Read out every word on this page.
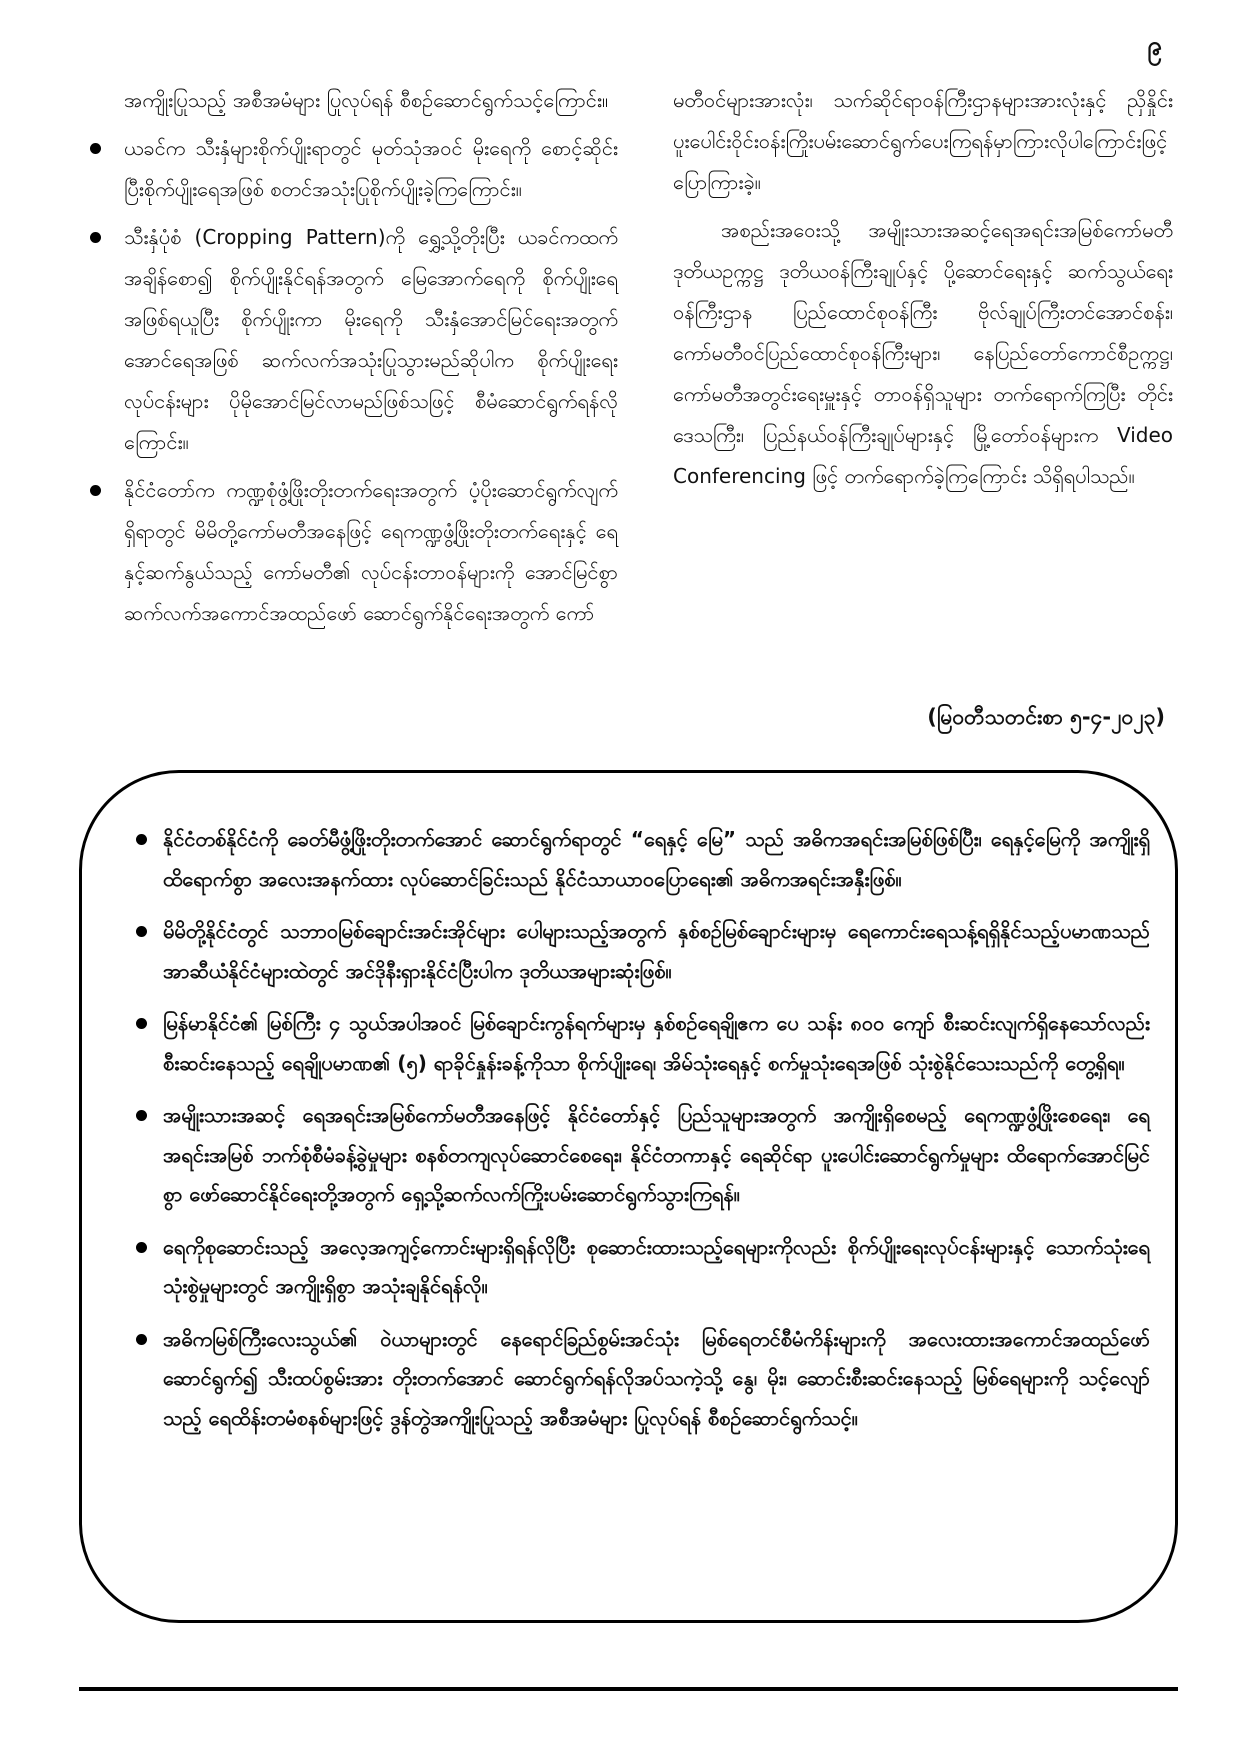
၉

အကျိုးပြုသည့် အစီအမံများ ပြုလုပ်ရန် စီစဉ်ဆောင်ရွက်သင့်ကြောင်း။

ယခင်က သီးနှံများစိုက်ပျိုးရာတွင် မုတ်သုံအဝင် မိုးရေကို စောင့်ဆိုင်းပြီးစိုက်ပျိုးရေအဖြစ် စတင်အသုံးပြုစိုက်ပျိုးခဲ့ကြကြောင်း။
သီးနှံပုံစံ (Cropping Pattern)ကို ရွှေ့သို့တိုးပြီး ယခင်ကထက် အချိန်စော၍ စိုက်ပျိုးနိုင်ရန်အတွက် မြေအောက်ရေကို စိုက်ပျိုးရေအဖြစ်ရယူပြီး စိုက်ပျိုးကာ မိုးရေကို သီးနှံအောင်မြင်ရေးအတွက် အောင်ရေအဖြစ် ဆက်လက်အသုံးပြုသွားမည်ဆိုပါက စိုက်ပျိုးရေးလုပ်ငန်းများ ပိုမိုအောင်မြင်လာမည်ဖြစ်သဖြင့် စီမံဆောင်ရွက်ရန်လိုကြောင်း။
နိုင်ငံတော်က ကဏ္ဍစုံဖွံ့ဖြိုးတိုးတက်ရေးအတွက် ပံ့ပိုးဆောင်ရွက်လျက်ရှိရာတွင် မိမိတို့ကော်မတီအနေဖြင့် ရေကဏ္ဍဖွံ့ဖြိုးတိုးတက်ရေးနှင့် ရေနှင့်ဆက်နွယ်သည့် ကော်မတီ၏ လုပ်ငန်းတာဝန်များကို အောင်မြင်စွာ ဆက်လက်အကောင်အထည်ဖော် ဆောင်ရွက်နိုင်ရေးအတွက် ကော်

မတီဝင်များအားလုံး၊ သက်ဆိုင်ရာဝန်ကြီးဌာနများအားလုံးနှင့် ညှိနှိုင်းပူးပေါင်းဝိုင်းဝန်းကြိုးပမ်းဆောင်ရွက်ပေးကြရန်မှာကြားလိုပါကြောင်းဖြင့် ပြောကြားခဲ့။

အစည်းအဝေးသို့ အမျိုးသားအဆင့်ရေအရင်းအမြစ်ကော်မတီ ဒုတိယဥက္ကဋ္ဌ ဒုတိယဝန်ကြီးချုပ်နှင့် ပို့ဆောင်ရေးနှင့် ဆက်သွယ်ရေးဝန်ကြီးဌာန ပြည်ထောင်စုဝန်ကြီး ဗိုလ်ချုပ်ကြီးတင်အောင်စန်း၊ ကော်မတီဝင်ပြည်ထောင်စုဝန်ကြီးများ၊ နေပြည်တော်ကောင်စီဥက္ကဋ္ဌ၊ ကော်မတီအတွင်းရေးမှူးနှင့် တာဝန်ရှိသူများ တက်ရောက်ကြပြီး တိုင်းဒေသကြီး၊ ပြည်နယ်ဝန်ကြီးချုပ်များနှင့် မြို့တော်ဝန်များက Video Conferencing ဖြင့် တက်ရောက်ခဲ့ကြကြောင်း သိရှိရပါသည်။

(မြဝတီသတင်းစာ ၅-၄-၂၀၂၃)
နိုင်ငံတစ်နိုင်ငံကို ခေတ်မီဖွံ့ဖြိုးတိုးတက်အောင် ဆောင်ရွက်ရာတွင် “ရေနှင့် မြေ” သည် အဓိကအရင်းအမြစ်ဖြစ်ပြီး၊ ရေနှင့်မြေကို အကျိုးရှိ ထိရောက်စွာ အလေးအနက်ထား လုပ်ဆောင်ခြင်းသည် နိုင်ငံသာယာဝပြောရေး၏ အဓိကအရင်းအနှီးဖြစ်။
မိမိတို့နိုင်ငံတွင် သဘာဝမြစ်ချောင်းအင်းအိုင်များ ပေါများသည့်အတွက် နှစ်စဉ်မြစ်ချောင်းများမှ ရေကောင်းရေသန့်ရရှိနိုင်သည့်ပမာဏသည် အာဆီယံနိုင်ငံများထဲတွင် အင်ဒိုနီးရှားနိုင်ငံပြီးပါက ဒုတိယအများဆုံးဖြစ်။
မြန်မာနိုင်ငံ၏ မြစ်ကြီး ၄ သွယ်အပါအဝင် မြစ်ချောင်းကွန်ရက်များမှ နှစ်စဉ်ရေချိုဧက ပေ သန်း ၈၀၀ ကျော် စီးဆင်းလျက်ရှိနေသော်လည်း စီးဆင်းနေသည့် ရေချိုပမာဏ၏ (၅) ရာခိုင်နှုန်းခန့်ကိုသာ စိုက်ပျိုးရေ၊ အိမ်သုံးရေနှင့် စက်မှုသုံးရေအဖြစ် သုံးစွဲနိုင်သေးသည်ကို တွေ့ရှိရ။
အမျိုးသားအဆင့် ရေအရင်းအမြစ်ကော်မတီအနေဖြင့် နိုင်ငံတော်နှင့် ပြည်သူများအတွက် အကျိုးရှိစေမည့် ရေကဏ္ဍဖွံ့ဖြိုးစေရေး၊ ရေအရင်းအမြစ် ဘက်စုံစီမံခန့်ခွဲမှုများ စနစ်တကျလုပ်ဆောင်စေရေး၊ နိုင်ငံတကာနှင့် ရေဆိုင်ရာ ပူးပေါင်းဆောင်ရွက်မှုများ ထိရောက်အောင်မြင်စွာ ဖော်ဆောင်နိုင်ရေးတို့အတွက် ရှေ့သို့ဆက်လက်ကြိုးပမ်းဆောင်ရွက်သွားကြရန်။
ရေကိုစုဆောင်းသည့် အလေ့အကျင့်ကောင်းများရှိရန်လိုပြီး စုဆောင်းထားသည့်ရေများကိုလည်း စိုက်ပျိုးရေးလုပ်ငန်းများနှင့် သောက်သုံးရေသုံးစွဲမှုများတွင် အကျိုးရှိစွာ အသုံးချနိုင်ရန်လို။
အဓိကမြစ်ကြီးလေးသွယ်၏ ဝဲယာများတွင် နေရောင်ခြည်စွမ်းအင်သုံး မြစ်ရေတင်စီမံကိန်းများကို အလေးထားအကောင်အထည်ဖော်ဆောင်ရွက်၍ သီးထပ်စွမ်းအား တိုးတက်အောင် ဆောင်ရွက်ရန်လိုအပ်သကဲ့သို့ နွေ၊ မိုး၊ ဆောင်းစီးဆင်းနေသည့် မြစ်ရေများကို သင့်လျော်သည့် ရေထိန်းတမံစနစ်များဖြင့် ဒွန်တွဲအကျိုးပြုသည့် အစီအမံများ ပြုလုပ်ရန် စီစဉ်ဆောင်ရွက်သင့်။
